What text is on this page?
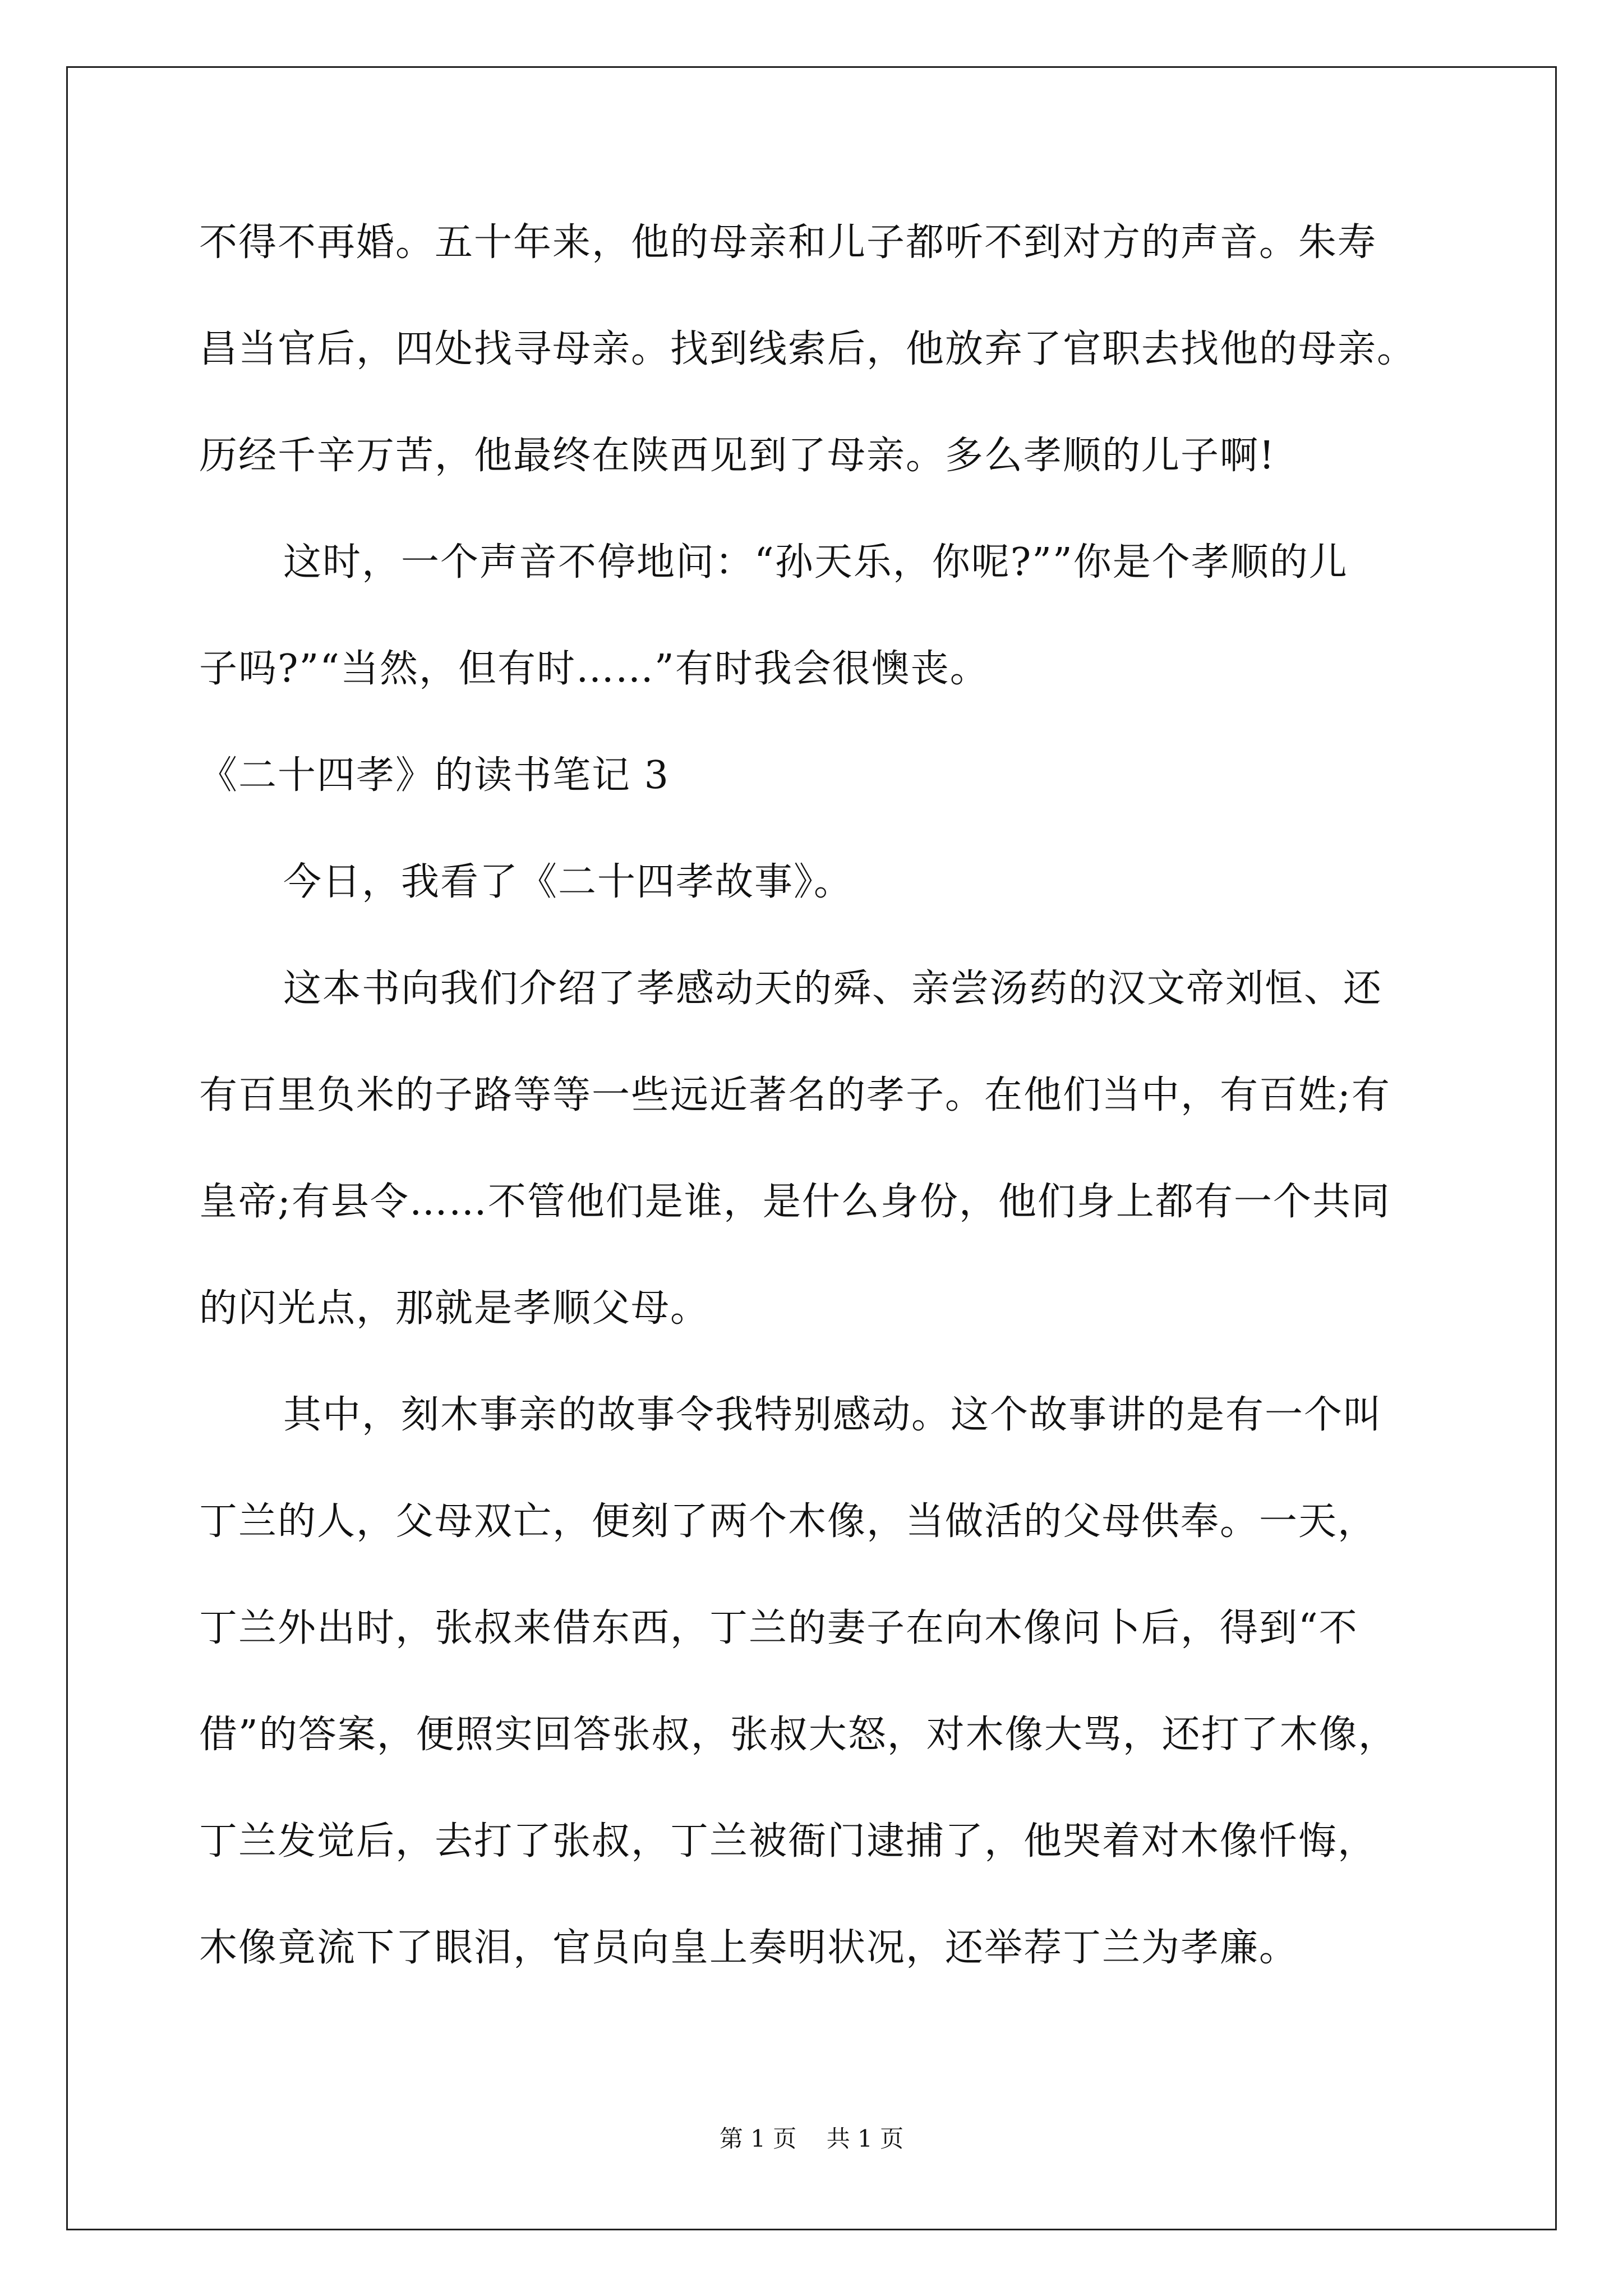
不得不再婚。五十年来，他的母亲和儿子都听不到对方的声音。朱寿
昌当官后，四处找寻母亲。找到线索后，他放弃了官职去找他的母亲。
历经千辛万苦，他最终在陕西见到了母亲。多么孝顺的儿子啊!
这时，一个声音不停地问：“孙天乐，你呢?””你是个孝顺的儿
子吗?”“当然，但有时……”有时我会很懊丧。
《二十四孝》的读书笔记 3
今日，我看了《二十四孝故事》。
这本书向我们介绍了孝感动天的舜、亲尝汤药的汉文帝刘恒、还
有百里负米的子路等等一些远近著名的孝子。在他们当中，有百姓;有
皇帝;有县令……不管他们是谁，是什么身份，他们身上都有一个共同
的闪光点，那就是孝顺父母。
其中，刻木事亲的故事令我特别感动。这个故事讲的是有一个叫
丁兰的人，父母双亡，便刻了两个木像，当做活的父母供奉。一天，
丁兰外出时，张叔来借东西，丁兰的妻子在向木像问卜后，得到“不
借”的答案，便照实回答张叔，张叔大怒，对木像大骂，还打了木像，
丁兰发觉后，去打了张叔，丁兰被衙门逮捕了，他哭着对木像忏悔，
木像竟流下了眼泪，官员向皇上奏明状况，还举荐丁兰为孝廉。
第 1 页    共 1 页
